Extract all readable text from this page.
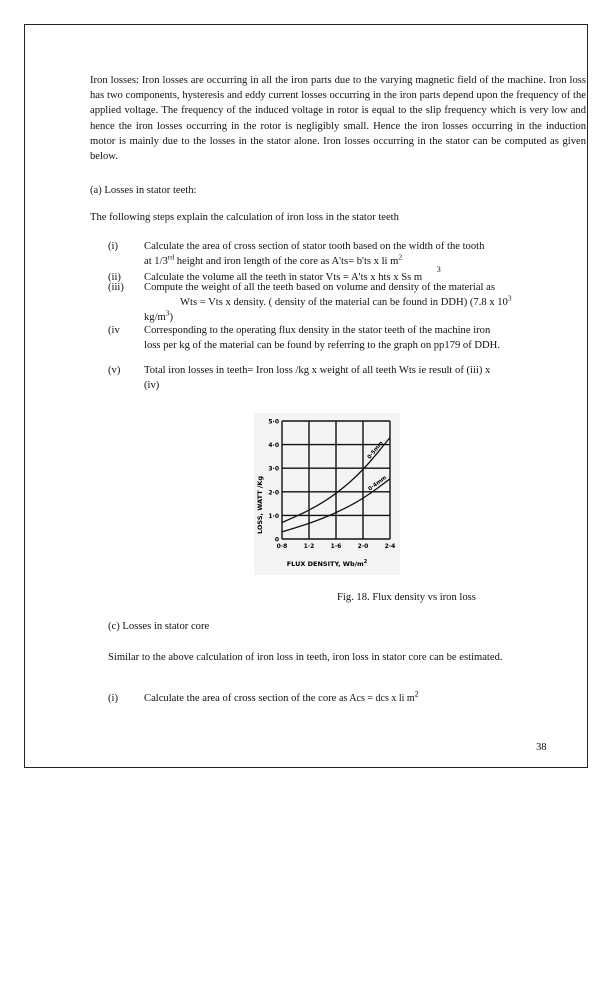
Iron losses: Iron losses are occurring in all the iron parts due to the varying magnetic field of the machine. Iron loss has two components, hysteresis and eddy current losses occurring in the iron parts depend upon the frequency of the applied voltage. The frequency of the induced voltage in rotor is equal to the slip frequency which is very low and hence the iron losses occurring in the rotor is negligibly small. Hence the iron losses occurring in the induction motor is mainly due to the losses in the stator alone. Iron losses occurring in the stator can be computed as given below.
(a) Losses in stator teeth:
The following steps explain the calculation of iron loss in the stator teeth
(i) Calculate the area of cross section of stator tooth based on the width of the tooth
at 1/3rd height and iron length of the core as A'ts= b'ts x li $m^2$
(ii) Calculate the volume all the teeth in stator Vts = A'ts x hts x Ss m $^3$
(iii) Compute the weight of all the teeth based on volume and density of the material as
Wts = Vts x density. ( density of the material can be found in DDH) (7.8 x $10^3$
$kg/m^3$)
(iv Corresponding to the operating flux density in the stator teeth of the machine iron
loss per kg of the material can be found by referring to the graph on pp179 of DDH.
(v) Total iron losses in teeth= Iron loss /kg x weight of all teeth Wts ie result of (iii) x
(iv)
LOSS, WATT /Kg
5·0
4·0
3·0
2·0
1·0
0
0·8	1·2	1·6	2·0	2·4
0·5mm
0·4mm
FLUX DENSITY, $Wb/m^2$
Fig. 18. Flux density vs iron loss
(c) Losses in stator core
Similar to the above calculation of iron loss in teeth, iron loss in stator core can be estimated.
(i) Calculate the area of cross section of the core as Acs = dcs x li $m^2$
38
